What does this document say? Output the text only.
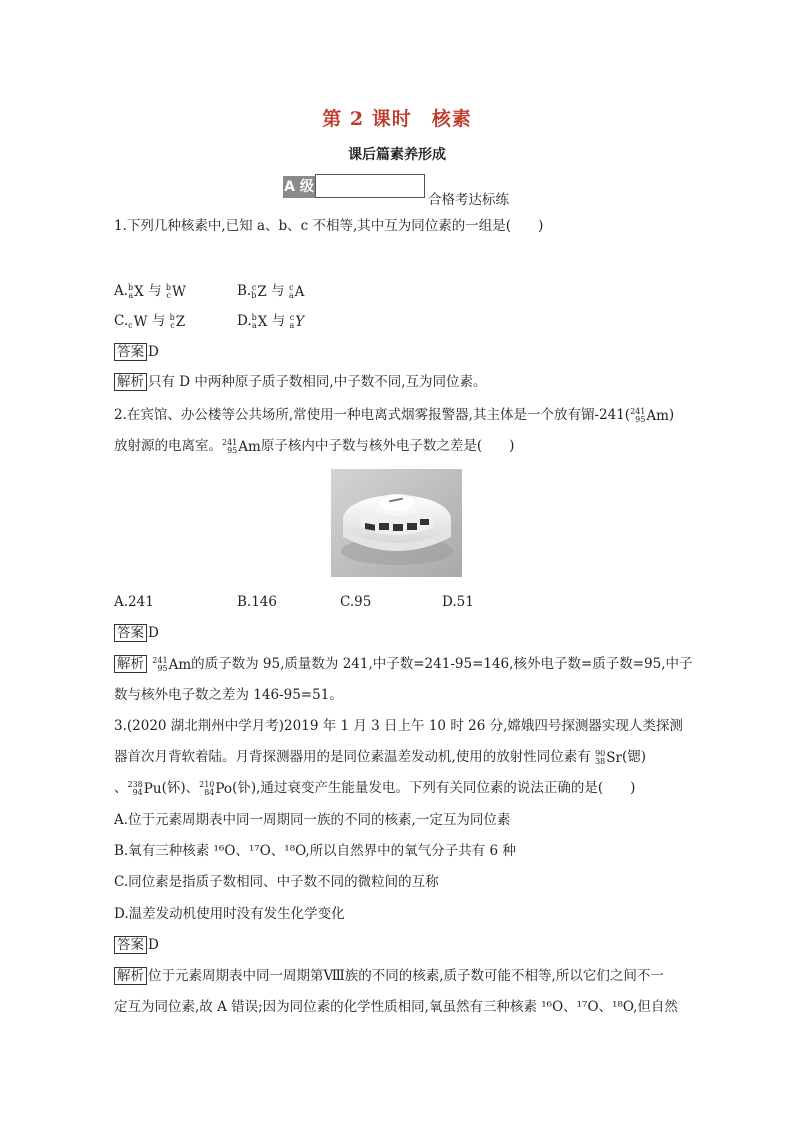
第 2 课时　核素
课后篇素养形成
A 级
合格考达标练
1.下列几种核素中,已知 a、b、c 不相等,其中互为同位素的一组是(　　)
A. b
a X 与 b
c W	B. c
b Z 与 c
a A
C. c W 与 b
c Z	D. b
a X 与 c
a Y
答案 D
解析 只有 D 中两种原子质子数相同,中子数不同,互为同位素。
2.在宾馆、办公楼等公共场所,常使用一种电离式烟雾报警器,其主体是一个放有镅-241( 241
95 Am )
放射源的电离室。 241
95 Am 原子核内中子数与核外电子数之差是(　　)
A.241	B.146	C.95	D.51
答案 D
解析 241
95 Am 的质子数为 95,质量数为 241,中子数=241-95=146,核外电子数=质子数=95,中子
数与核外电子数之差为 146-95=51。
3.(2020 湖北荆州中学月考)2019 年 1 月 3 日上午 10 时 26 分,嫦娥四号探测器实现人类探测
器首次月背软着陆。月背探测器用的是同位素温差发动机,使用的放射性同位素有 90
38 Sr (锶)
、 238
94 Pu (钚)、 210
84 Po (钋),通过衰变产生能量发电。下列有关同位素的说法正确的是(　　)
A.位于元素周期表中同一周期同一族的不同的核素,一定互为同位素
B.氧有三种核素 ¹⁶O、¹⁷O、¹⁸O,所以自然界中的氧气分子共有 6 种
C.同位素是指质子数相同、中子数不同的微粒间的互称
D.温差发动机使用时没有发生化学变化
答案 D
解析 位于元素周期表中同一周期第Ⅷ族的不同的核素,质子数可能不相等,所以它们之间不一
定互为同位素,故 A 错误;因为同位素的化学性质相同,氧虽然有三种核素 ¹⁶O、¹⁷O、¹⁸O,但自然
